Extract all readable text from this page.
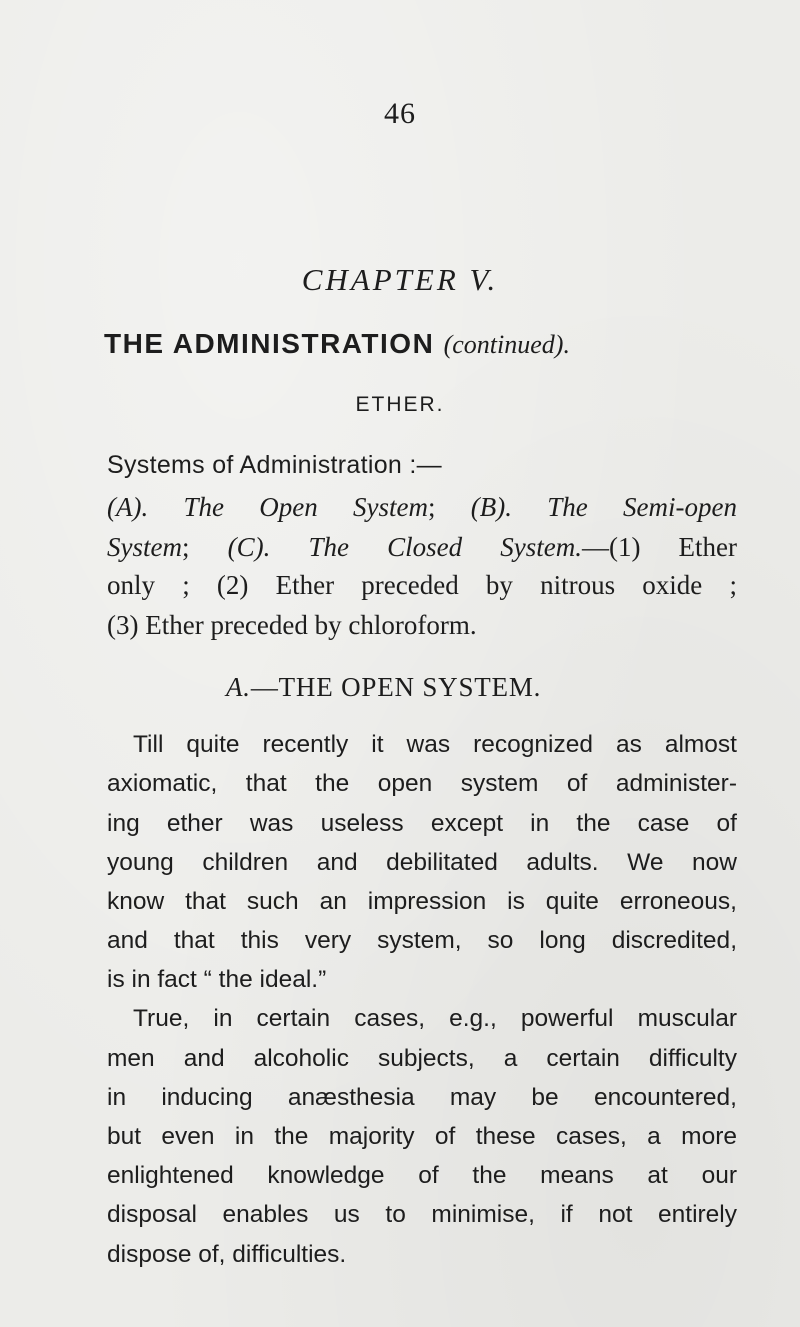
46
CHAPTER V.
THE ADMINISTRATION (continued).
ETHER.
Systems of Administration :—
(A). The Open System; (B). The Semi-open
System; (C). The Closed System.—(1) Ether
only ; (2) Ether preceded by nitrous oxide ;
(3) Ether preceded by chloroform.
A.—THE OPEN SYSTEM.
Till quite recently it was recognized as almost
axiomatic, that the open system of administer-
ing ether was useless except in the case of
young children and debilitated adults. We now
know that such an impression is quite erroneous,
and that this very system, so long discredited,
is in fact “ the ideal.”
True, in certain cases, e.g., powerful muscular
men and alcoholic subjects, a certain difficulty
in inducing anæsthesia may be encountered,
but even in the majority of these cases, a more
enlightened knowledge of the means at our
disposal enables us to minimise, if not entirely
dispose of, difficulties.
